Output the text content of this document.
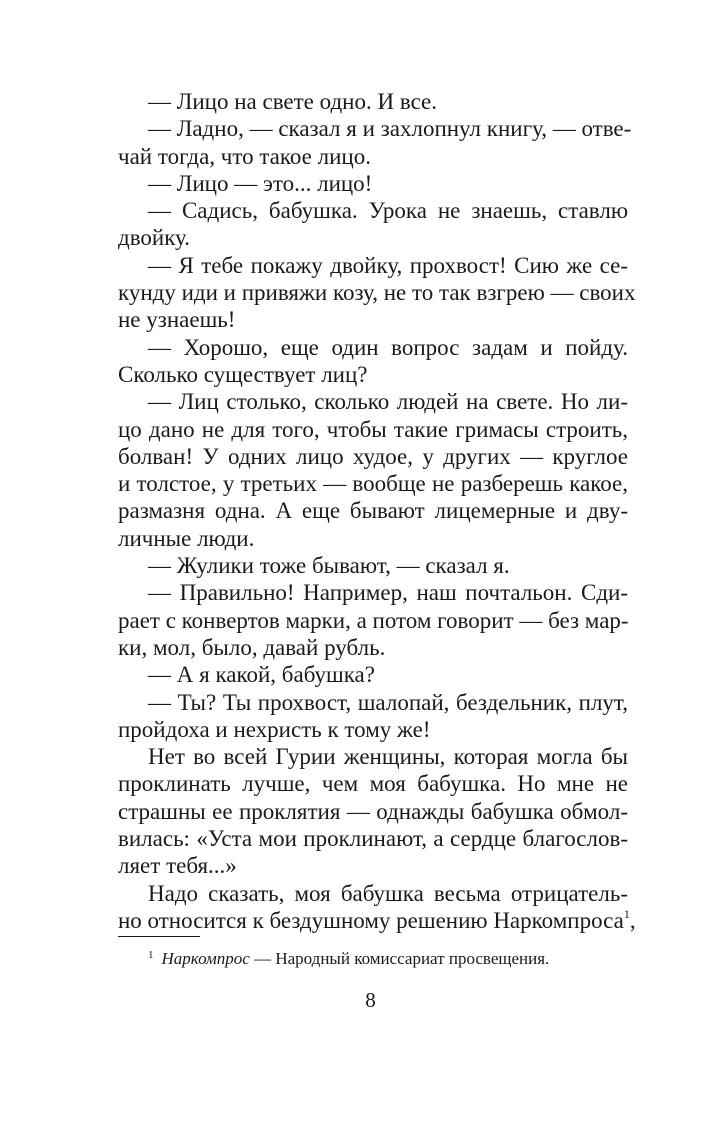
— Лицо на свете одно. И все.
— Ладно, — сказал я и захлопнул книгу, — отве-
чай тогда, что такое лицо.
— Лицо — это... лицо!
— Садись, бабушка. Урока не знаешь, ставлю
двойку.
— Я тебе покажу двойку, прохвост! Сию же се-
кунду иди и привяжи козу, не то так взгрею — своих
не узнаешь!
— Хорошо, еще один вопрос задам и пойду.
Сколько существует лиц?
— Лиц столько, сколько людей на свете. Но ли-
цо дано не для того, чтобы такие гримасы строить,
болван! У одних лицо худое, у других — круглое
и толстое, у третьих — вообще не разберешь какое,
размазня одна. А еще бывают лицемерные и дву-
личные люди.
— Жулики тоже бывают, — сказал я.
— Правильно! Например, наш почтальон. Сди-
рает с конвертов марки, а потом говорит — без мар-
ки, мол, было, давай рубль.
— А я какой, бабушка?
— Ты? Ты прохвост, шалопай, бездельник, плут,
пройдоха и нехристь к тому же!
Нет во всей Гурии женщины, которая могла бы
проклинать лучше, чем моя бабушка. Но мне не
страшны ее проклятия — однажды бабушка обмол-
вилась: «Уста мои проклинают, а сердце благослов-
ляет тебя...»
Надо сказать, моя бабушка весьма отрицатель-
но относится к бездушному решению Наркомпроса$^1$,
$^1$ Наркомпрос — Народный комиссариат просвещения.
8
